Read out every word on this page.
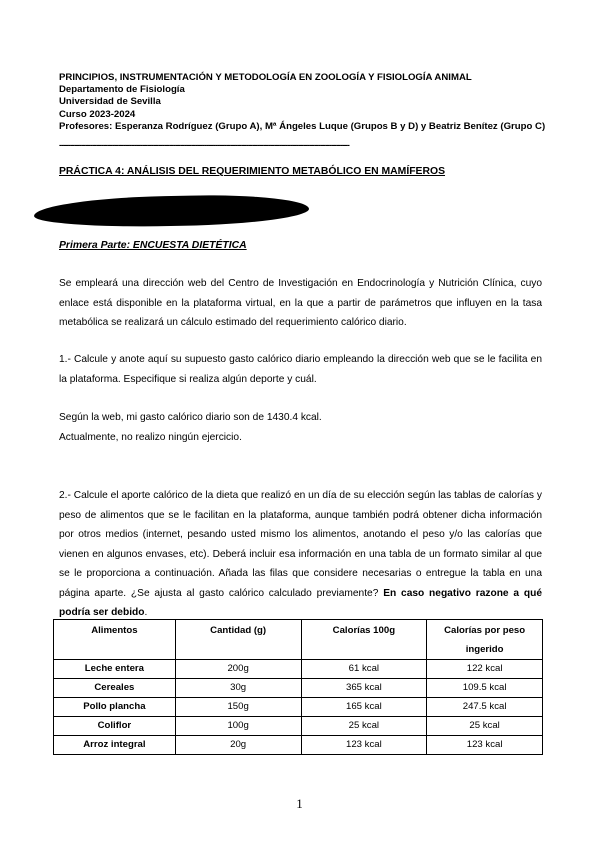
PRINCIPIOS, INSTRUMENTACIÓN Y METODOLOGÍA EN ZOOLOGÍA Y FISIOLOGÍA ANIMAL
Departamento de Fisiología
Universidad de Sevilla
Curso 2023-2024
Profesores: Esperanza Rodríguez (Grupo A), Mª Ángeles Luque (Grupos B y D) y Beatriz Benítez (Grupo C)
------------------------------------------------------------------------------------------------------------------------------------
PRÁCTICA 4: ANÁLISIS DEL REQUERIMIENTO METABÓLICO EN MAMÍFEROS
Primera Parte: ENCUESTA DIETÉTICA

Se empleará una dirección web del Centro de Investigación en Endocrinología y Nutrición Clínica, cuyo enlace está disponible en la plataforma virtual, en la que a partir de parámetros que influyen en la tasa metabólica se realizará un cálculo estimado del requerimiento calórico diario.

1.- Calcule y anote aquí su supuesto gasto calórico diario empleando la dirección web que se le facilita en la plataforma. Especifique si realiza algún deporte y cuál.

Según la web, mi gasto calórico diario son de 1430.4 kcal.

Actualmente, no realizo ningún ejercicio.

2.- Calcule el aporte calórico de la dieta que realizó en un día de su elección según las tablas de calorías y peso de alimentos que se le facilitan en la plataforma, aunque también podrá obtener dicha información por otros medios (internet, pesando usted mismo los alimentos, anotando el peso y/o las calorías que vienen en algunos envases, etc). Deberá incluir esa información en una tabla de un formato similar al que se le proporciona a continuación. Añada las filas que considere necesarias o entregue la tabla en una página aparte. ¿Se ajusta al gasto calórico calculado previamente? En caso negativo razone a qué podría ser debido.

Alimentos	Cantidad (g)	Calorías 100g	Calorías por peso ingerido
Leche entera	200g	61 kcal	122 kcal
Cereales	30g	365 kcal	109.5 kcal
Pollo plancha	150g	165 kcal	247.5 kcal
Coliflor	100g	25 kcal	25 kcal
Arroz integral	20g	123 kcal	123 kcal
1
